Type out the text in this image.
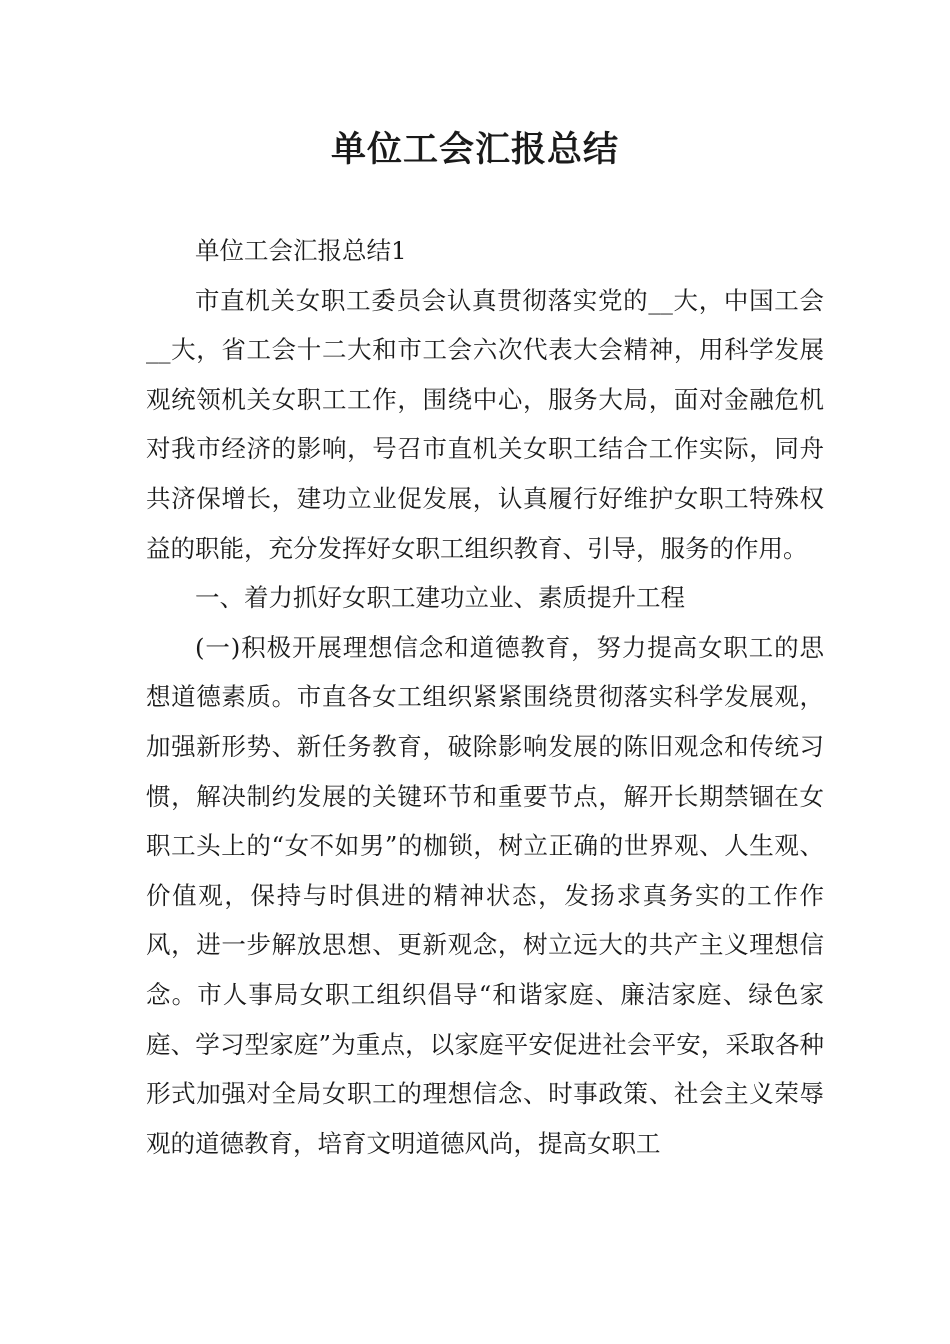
单位工会汇报总结

单位工会汇报总结1

市直机关女职工委员会认真贯彻落实党的__大，中国工会__大，省工会十二大和市工会六次代表大会精神，用科学发展观统领机关女职工工作，围绕中心，服务大局，面对金融危机对我市经济的影响，号召市直机关女职工结合工作实际，同舟共济保增长，建功立业促发展，认真履行好维护女职工特殊权益的职能，充分发挥好女职工组织教育、引导，服务的作用。

一、着力抓好女职工建功立业、素质提升工程

(一)积极开展理想信念和道德教育，努力提高女职工的思想道德素质。市直各女工组织紧紧围绕贯彻落实科学发展观，加强新形势、新任务教育，破除影响发展的陈旧观念和传统习惯，解决制约发展的关键环节和重要节点，解开长期禁锢在女职工头上的“女不如男”的枷锁，树立正确的世界观、人生观、价值观，保持与时俱进的精神状态，发扬求真务实的工作作风，进一步解放思想、更新观念，树立远大的共产主义理想信念。市人事局女职工组织倡导“和谐家庭、廉洁家庭、绿色家庭、学习型家庭”为重点，以家庭平安促进社会平安，采取各种形式加强对全局女职工的理想信念、时事政策、社会主义荣辱观的道德教育，培育文明道德风尚，提高女职工
